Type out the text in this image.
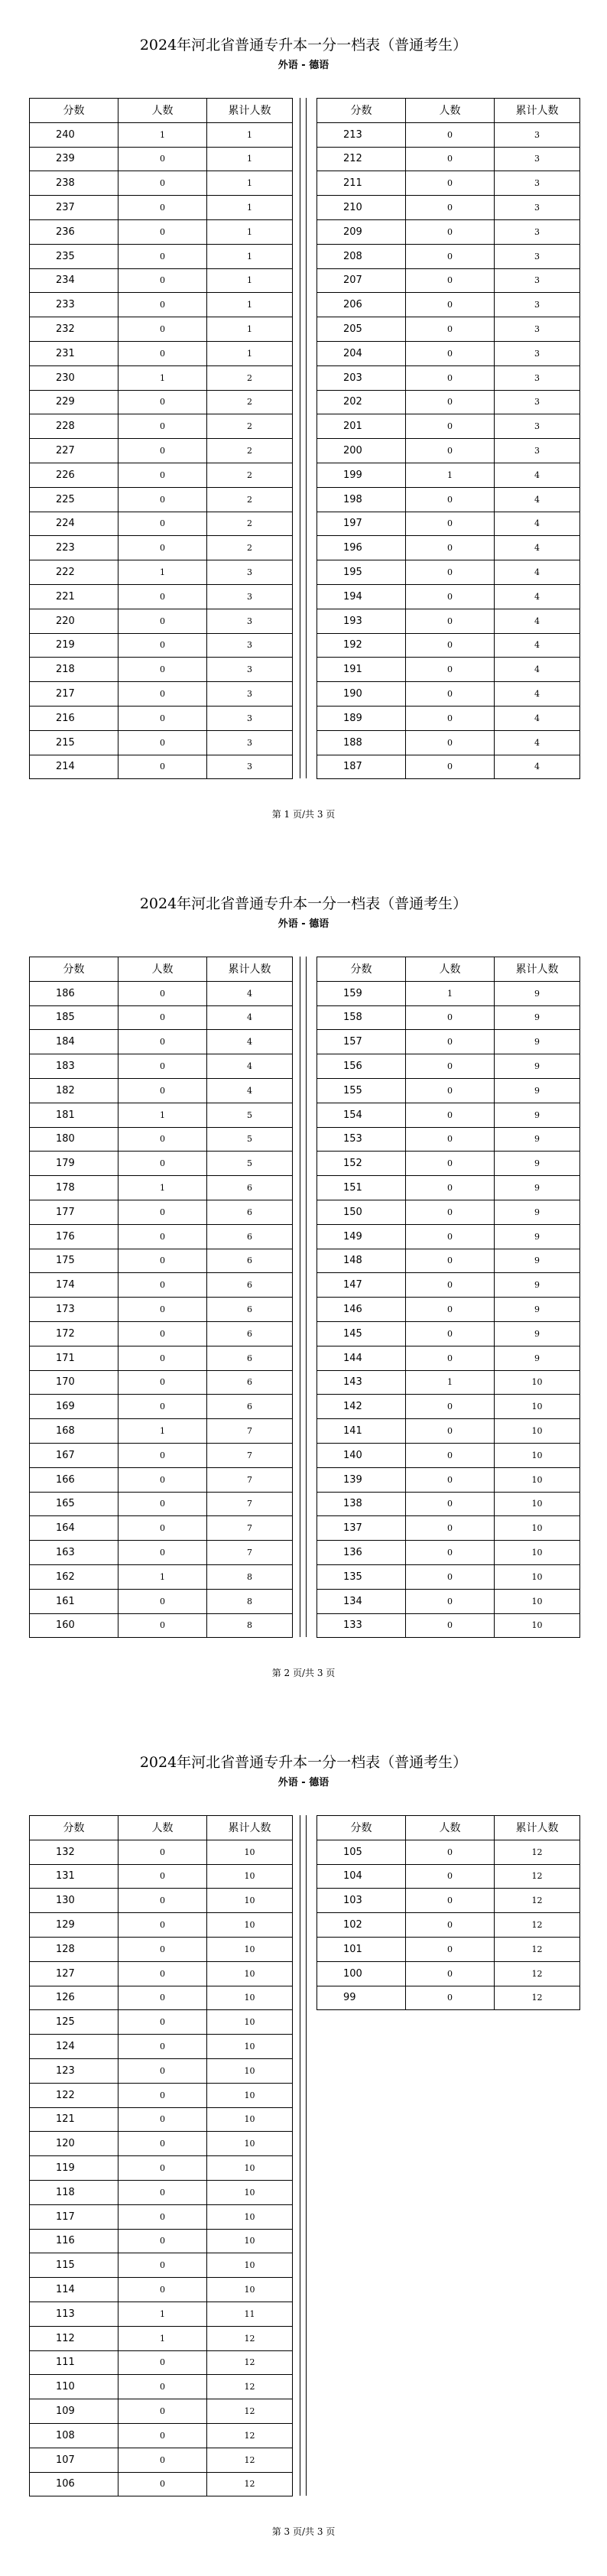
2024年河北省普通专升本一分一档表（普通考生）
外语 - 德语
分数	人数	累计人数
240	1	1
239	0	1
238	0	1
237	0	1
236	0	1
235	0	1
234	0	1
233	0	1
232	0	1
231	0	1
230	1	2
229	0	2
228	0	2
227	0	2
226	0	2
225	0	2
224	0	2
223	0	2
222	1	3
221	0	3
220	0	3
219	0	3
218	0	3
217	0	3
216	0	3
215	0	3
214	0	3
分数	人数	累计人数
213	0	3
212	0	3
211	0	3
210	0	3
209	0	3
208	0	3
207	0	3
206	0	3
205	0	3
204	0	3
203	0	3
202	0	3
201	0	3
200	0	3
199	1	4
198	0	4
197	0	4
196	0	4
195	0	4
194	0	4
193	0	4
192	0	4
191	0	4
190	0	4
189	0	4
188	0	4
187	0	4
第 1 页/共 3 页
2024年河北省普通专升本一分一档表（普通考生）
外语 - 德语
分数	人数	累计人数
186	0	4
185	0	4
184	0	4
183	0	4
182	0	4
181	1	5
180	0	5
179	0	5
178	1	6
177	0	6
176	0	6
175	0	6
174	0	6
173	0	6
172	0	6
171	0	6
170	0	6
169	0	6
168	1	7
167	0	7
166	0	7
165	0	7
164	0	7
163	0	7
162	1	8
161	0	8
160	0	8
分数	人数	累计人数
159	1	9
158	0	9
157	0	9
156	0	9
155	0	9
154	0	9
153	0	9
152	0	9
151	0	9
150	0	9
149	0	9
148	0	9
147	0	9
146	0	9
145	0	9
144	0	9
143	1	10
142	0	10
141	0	10
140	0	10
139	0	10
138	0	10
137	0	10
136	0	10
135	0	10
134	0	10
133	0	10
第 2 页/共 3 页
2024年河北省普通专升本一分一档表（普通考生）
外语 - 德语
分数	人数	累计人数
132	0	10
131	0	10
130	0	10
129	0	10
128	0	10
127	0	10
126	0	10
125	0	10
124	0	10
123	0	10
122	0	10
121	0	10
120	0	10
119	0	10
118	0	10
117	0	10
116	0	10
115	0	10
114	0	10
113	1	11
112	1	12
111	0	12
110	0	12
109	0	12
108	0	12
107	0	12
106	0	12
分数	人数	累计人数
105	0	12
104	0	12
103	0	12
102	0	12
101	0	12
100	0	12
99	0	12
第 3 页/共 3 页
